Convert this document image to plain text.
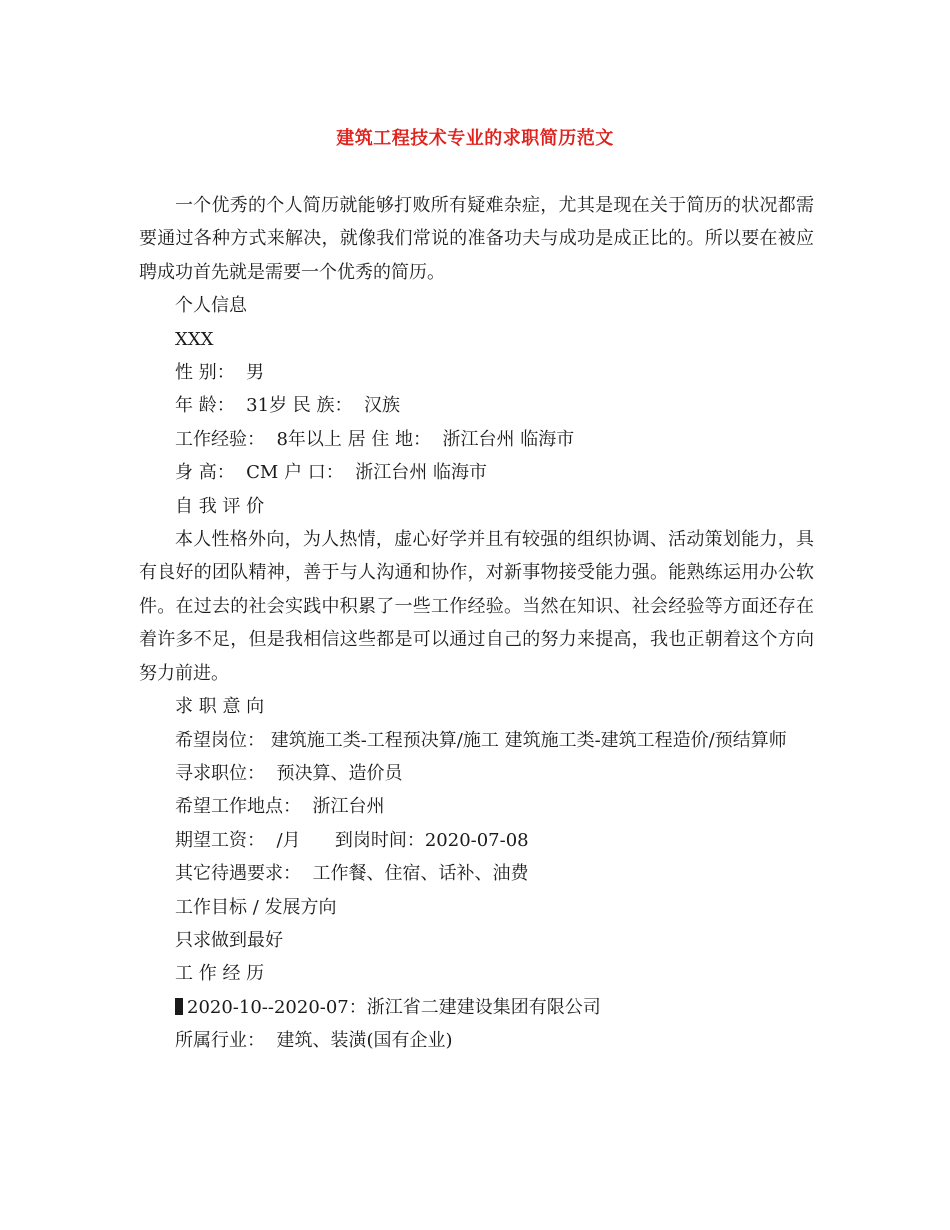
建筑工程技术专业的求职简历范文

一个优秀的个人简历就能够打败所有疑难杂症，尤其是现在关于简历的状况都需要通过各种方式来解决，就像我们常说的准备功夫与成功是成正比的。所以要在被应聘成功首先就是需要一个优秀的简历。

个人信息

XXX

性 别：  男

年 龄：  31岁 民 族：  汉族

工作经验：  8年以上 居 住 地：  浙江台州 临海市

身 高：  CM 户 口：  浙江台州 临海市

自 我 评 价

本人性格外向，为人热情，虚心好学并且有较强的组织协调、活动策划能力，具有良好的团队精神，善于与人沟通和协作，对新事物接受能力强。能熟练运用办公软件。在过去的社会实践中积累了一些工作经验。当然在知识、社会经验等方面还存在着许多不足，但是我相信这些都是可以通过自己的努力来提高，我也正朝着这个方向努力前进。

求 职 意 向

希望岗位： 建筑施工类-工程预决算/施工 建筑施工类-建筑工程造价/预结算师

寻求职位：  预决算、造价员

希望工作地点：  浙江台州

期望工资：  /月      到岗时间：2020-07-08

其它待遇要求：  工作餐、住宿、话补、油费

工作目标 / 发展方向

只求做到最好

工 作 经 历

2020-10--2020-07：浙江省二建建设集团有限公司

所属行业：  建筑、装潢(国有企业)
